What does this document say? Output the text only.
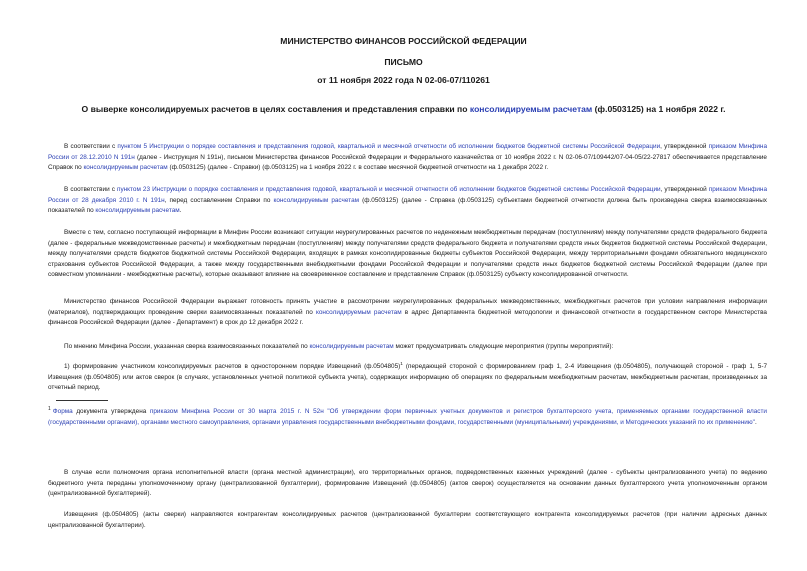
МИНИСТЕРСТВО ФИНАНСОВ РОССИЙСКОЙ ФЕДЕРАЦИИ
ПИСЬМО
от 11 ноября 2022 года N 02-06-07/110261
О выверке консолидируемых расчетов в целях составления и представления справки по консолидируемым расчетам (ф.0503125) на 1 ноября 2022 г.

В соответствии с пунктом 5 Инструкции о порядке составления и представления годовой, квартальной и месячной отчетности об исполнении бюджетов бюджетной системы Российской Федерации, утвержденной приказом Минфина России от 28.12.2010 N 191н (далее - Инструкция N 191н), письмом Министерства финансов Российской Федерации и Федерального казначейства от 10 ноября 2022 г. N 02-06-07/109442/07-04-05/22-27817 обеспечивается представление Справок по консолидируемым расчетам (ф.0503125) (далее - Справки) (ф.0503125) на 1 ноября 2022 г. в составе месячной бюджетной отчетности на 1 декабря 2022 г.

В соответствии с пунктом 23 Инструкции о порядке составления и представления годовой, квартальной и месячной отчетности об исполнении бюджетов бюджетной системы Российской Федерации, утвержденной приказом Минфина России от 28 декабря 2010 г. N 191н, перед составлением Справки по консолидируемым расчетам (ф.0503125) (далее - Справка (ф.0503125) субъектами бюджетной отчетности должна быть произведена сверка взаимосвязанных показателей по консолидируемым расчетам.

Вместе с тем, согласно поступающей информации в Минфин России возникают ситуации неурегулированных расчетов по неденежным межбюджетным передачам (поступлениям) между получателями средств федерального бюджета (далее - федеральные межведомственные расчеты) и межбюджетным передачам (поступлениям) между получателями средств федерального бюджета и получателями средств иных бюджетов бюджетной системы Российской Федерации, между получателями средств бюджетов бюджетной системы Российской Федерации, входящих в рамках консолидированные бюджеты субъектов Российской Федерации, между территориальными фондами обязательного медицинского страхования субъектов Российской Федерации, а также между государственными внебюджетными фондами Российской Федерации и получателями средств иных бюджетов бюджетной системы Российской Федерации (далее при совместном упоминании - межбюджетные расчеты), которые оказывают влияние на своевременное составление и представление Справок (ф.0503125) субъекту консолидированной отчетности.

Министерство финансов Российской Федерации выражает готовность принять участие в рассмотрении неурегулированных федеральных межведомственных, межбюджетных расчетов при условии направления информации (материалов), подтверждающих проведение сверки взаимосвязанных показателей по консолидируемым расчетам в адрес Департамента бюджетной методологии и финансовой отчетности в государственном секторе Министерства финансов Российской Федерации (далее - Департамент) в срок до 12 декабря 2022 г.

По мнению Минфина России, указанная сверка взаимосвязанных показателей по консолидируемым расчетам может предусматривать следующие мероприятия (группы мероприятий):

1) формирование участником консолидируемых расчетов в одностороннем порядке Извещений (ф.0504805)$^1$ (передающей стороной с формированием граф 1, 2-4 Извещения (ф.0504805), получающей стороной - граф 1, 5-7 Извещения (ф.0504805) или актов сверок (в случаях, установленных учетной политикой субъекта учета), содержащих информацию об операциях по федеральным межбюджетным расчетам, межбюджетным расчетам, произведенных за отчетный период.

$^1$ Форма документа утверждена приказом Минфина России от 30 марта 2015 г. N 52н "Об утверждении форм первичных учетных документов и регистров бухгалтерского учета, применяемых органами государственной власти (государственными органами), органами местного самоуправления, органами управления государственными внебюджетными фондами, государственными (муниципальными) учреждениями, и Методических указаний по их применению".

В случае если полномочия органа исполнительной власти (органа местной администрации), его территориальных органов, подведомственных казенных учреждений (далее - субъекты централизованного учета) по ведению бюджетного учета переданы уполномоченному органу (централизованной бухгалтерии), формирование Извещений (ф.0504805) (актов сверок) осуществляется на основании данных бухгалтерского учета уполномоченным органом (централизованной бухгалтерией).

Извещения (ф.0504805) (акты сверки) направляются контрагентам консолидируемых расчетов (централизованной бухгалтерии соответствующего контрагента консолидируемых расчетов (при наличии адресных данных централизованной бухгалтерии).
